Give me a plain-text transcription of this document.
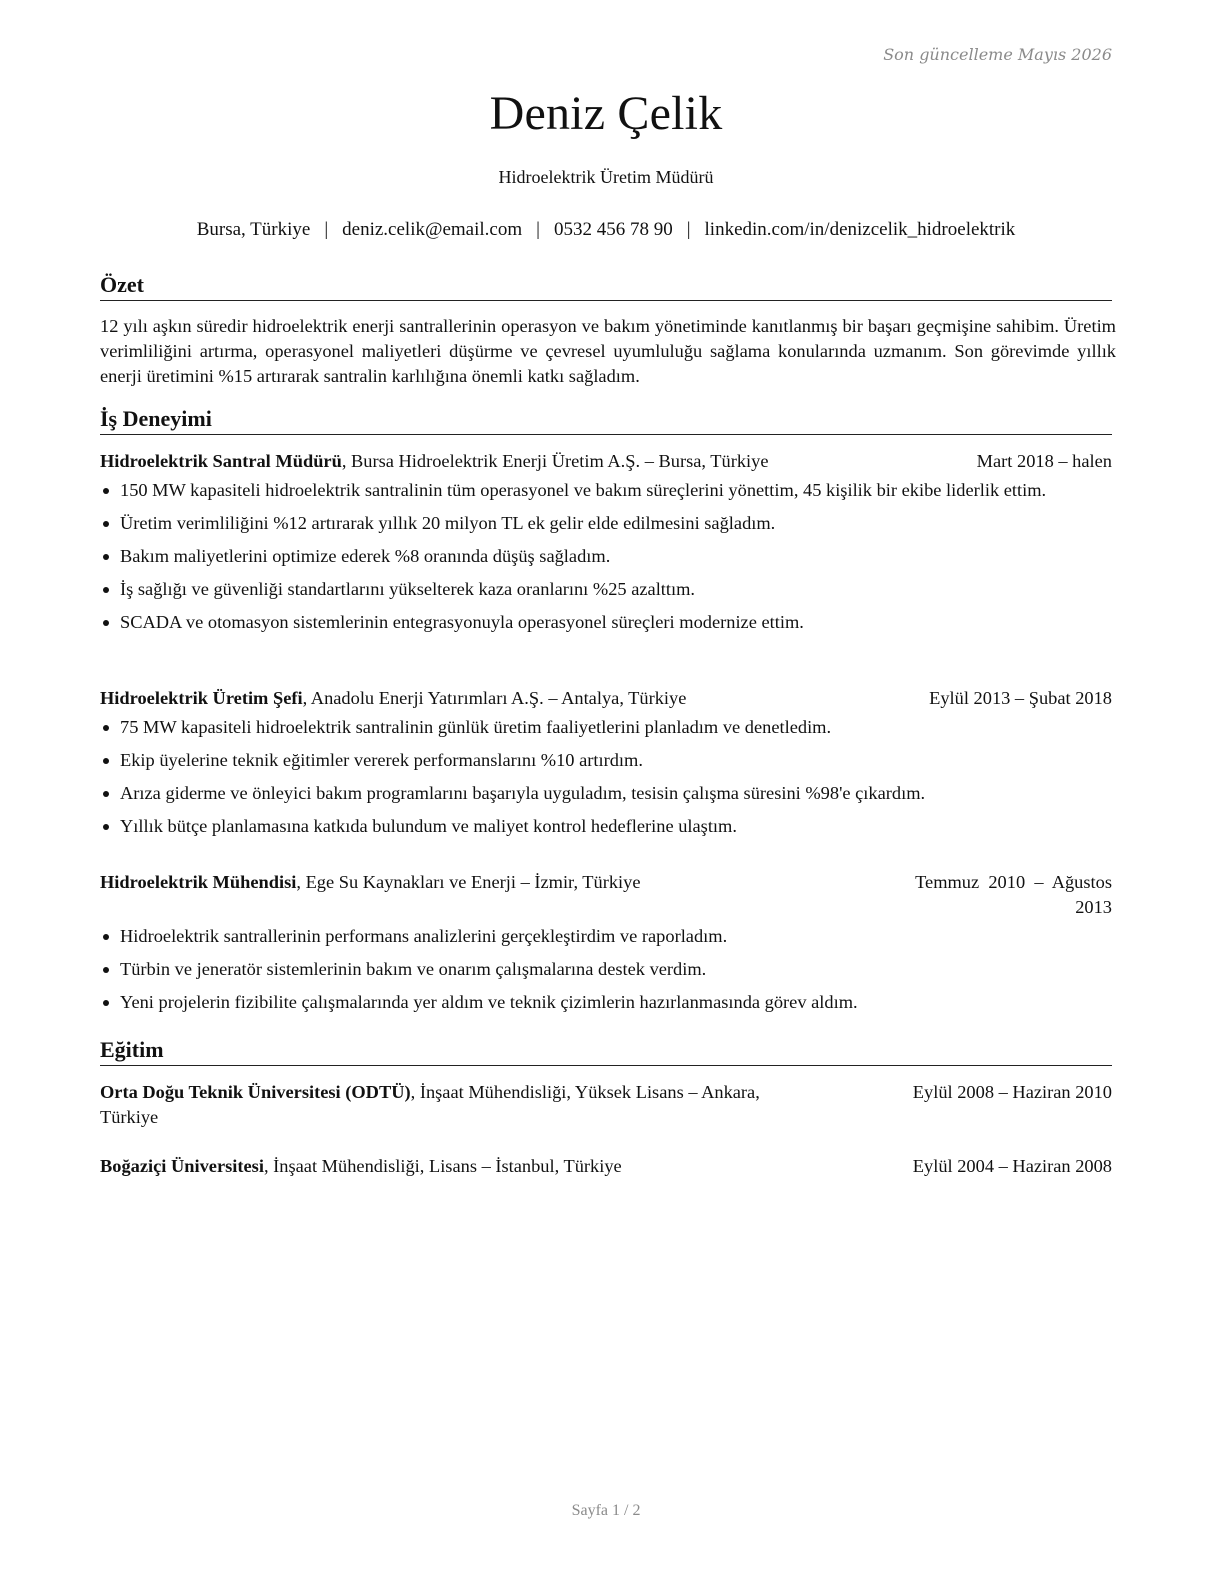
Son güncelleme Mayıs 2026
Deniz Çelik
Hidroelektrik Üretim Müdürü
Bursa, Türkiye | deniz.celik@email.com | 0532 456 78 90 | linkedin.com/in/denizcelik_hidroelektrik
Özet
12 yılı aşkın süredir hidroelektrik enerji santrallerinin operasyon ve bakım yönetiminde kanıtlanmış bir başarı geçmişine sahibim. Üretim verimliliğini artırma, operasyonel maliyetleri düşürme ve çevresel uyumluluğu sağlama konularında uzmanım. Son görevimde yıllık enerji üretimini %15 artırarak santralin karlılığına önemli katkı sağladım.
İş Deneyimi
Hidroelektrik Santral Müdürü, Bursa Hidroelektrik Enerji Üretim A.Ş. – Bursa, Türkiye	Mart 2018 – halen
150 MW kapasiteli hidroelektrik santralinin tüm operasyonel ve bakım süreçlerini yönettim, 45 kişilik bir ekibe liderlik ettim.
Üretim verimliliğini %12 artırarak yıllık 20 milyon TL ek gelir elde edilmesini sağladım.
Bakım maliyetlerini optimize ederek %8 oranında düşüş sağladım.
İş sağlığı ve güvenliği standartlarını yükselterek kaza oranlarını %25 azalttım.
SCADA ve otomasyon sistemlerinin entegrasyonuyla operasyonel süreçleri modernize ettim.
Hidroelektrik Üretim Şefi, Anadolu Enerji Yatırımları A.Ş. – Antalya, Türkiye	Eylül 2013 – Şubat 2018
75 MW kapasiteli hidroelektrik santralinin günlük üretim faaliyetlerini planladım ve denetledim.
Ekip üyelerine teknik eğitimler vererek performanslarını %10 artırdım.
Arıza giderme ve önleyici bakım programlarını başarıyla uyguladım, tesisin çalışma süresini %98'e çıkardım.
Yıllık bütçe planlamasına katkıda bulundum ve maliyet kontrol hedeflerine ulaştım.
Hidroelektrik Mühendisi, Ege Su Kaynakları ve Enerji – İzmir, Türkiye	Temmuz  2010  –  Ağustos
2013
Hidroelektrik santrallerinin performans analizlerini gerçekleştirdim ve raporladım.
Türbin ve jeneratör sistemlerinin bakım ve onarım çalışmalarına destek verdim.
Yeni projelerin fizibilite çalışmalarında yer aldım ve teknik çizimlerin hazırlanmasında görev aldım.
Eğitim
Orta Doğu Teknik Üniversitesi (ODTÜ), İnşaat Mühendisliği, Yüksek Lisans – Ankara,
Türkiye
Eylül 2008 – Haziran 2010
Boğaziçi Üniversitesi, İnşaat Mühendisliği, Lisans – İstanbul, Türkiye	Eylül 2004 – Haziran 2008
Sayfa 1 / 2
